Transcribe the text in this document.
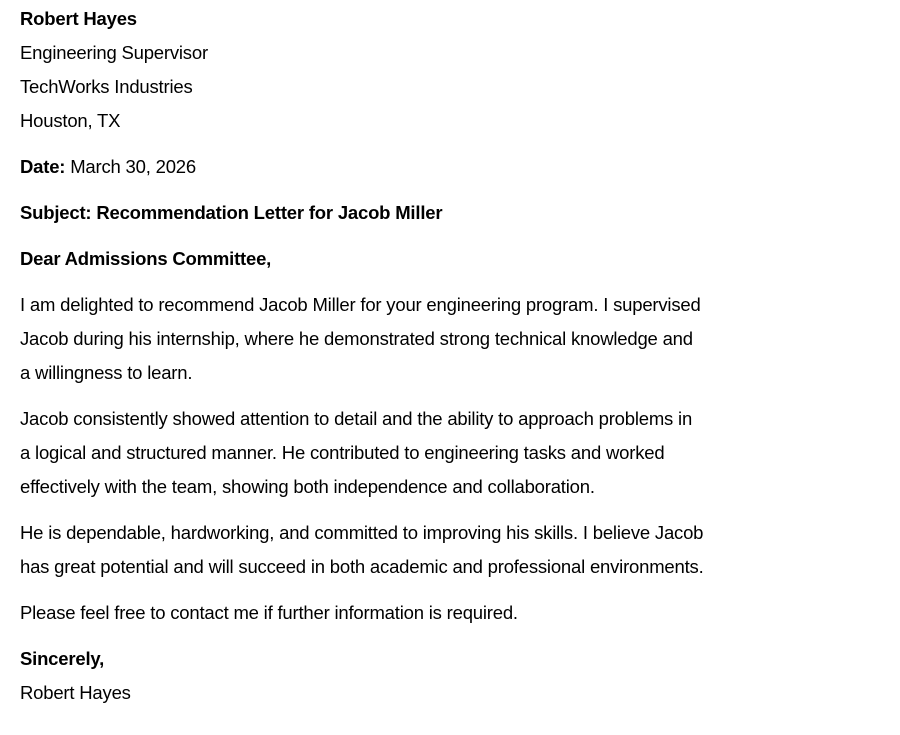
Robert Hayes
Engineering Supervisor
TechWorks Industries
Houston, TX
Date: March 30, 2026
Subject: Recommendation Letter for Jacob Miller
Dear Admissions Committee,
I am delighted to recommend Jacob Miller for your engineering program. I supervised
Jacob during his internship, where he demonstrated strong technical knowledge and
a willingness to learn.
Jacob consistently showed attention to detail and the ability to approach problems in
a logical and structured manner. He contributed to engineering tasks and worked
effectively with the team, showing both independence and collaboration.
He is dependable, hardworking, and committed to improving his skills. I believe Jacob
has great potential and will succeed in both academic and professional environments.
Please feel free to contact me if further information is required.
Sincerely,
Robert Hayes
